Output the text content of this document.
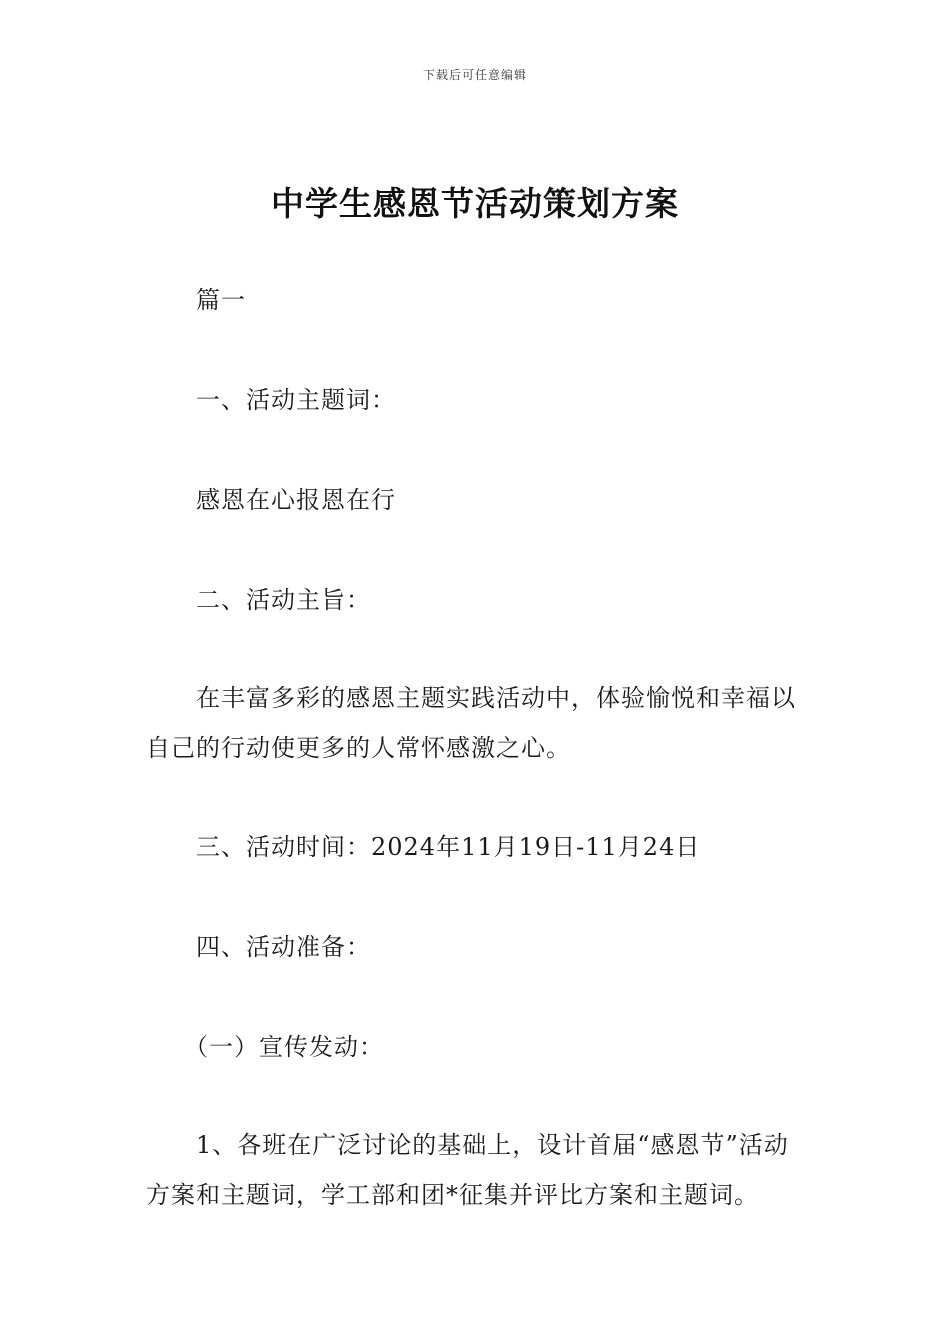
下载后可任意编辑
中学生感恩节活动策划方案
篇一
一、活动主题词：
感恩在心报恩在行
二、活动主旨：
在丰富多彩的感恩主题实践活动中，体验愉悦和幸福以自己的行动使更多的人常怀感激之心。
三、活动时间：2024年11月19日-11月24日
四、活动准备：
（一）宣传发动：
1、各班在广泛讨论的基础上，设计首届“感恩节”活动方案和主题词，学工部和团*征集并评比方案和主题词。
